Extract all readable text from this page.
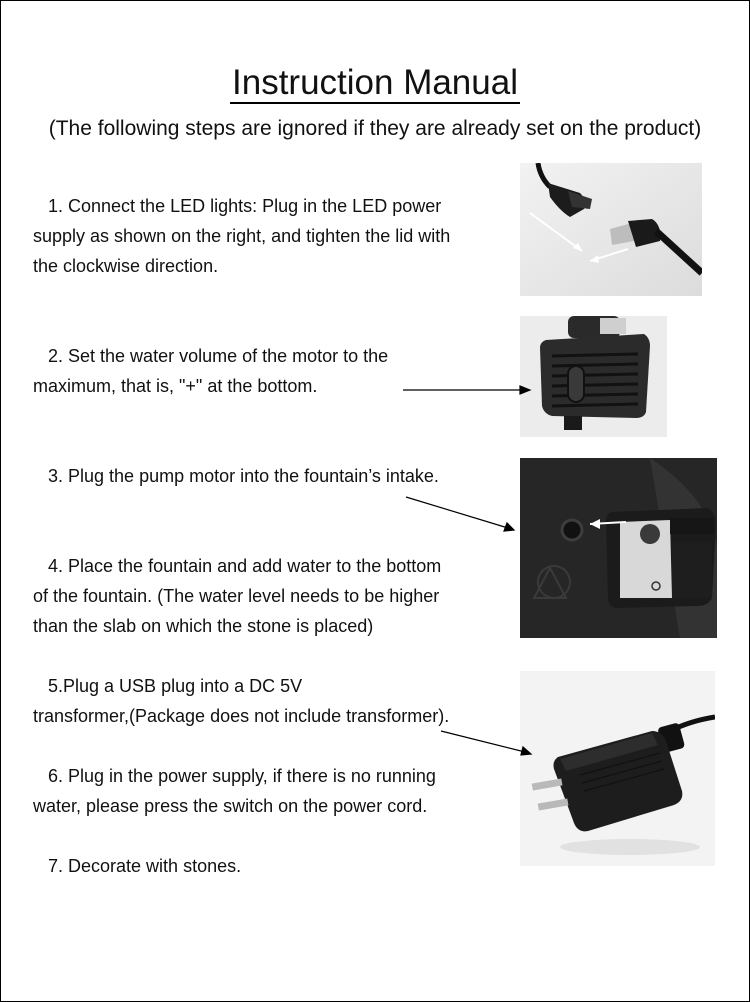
Instruction Manual
(The following steps are ignored if they are already set on the product)
1. Connect the LED lights: Plug in the LED power
supply as shown on the right, and tighten the lid with
the clockwise direction.
2. Set the water volume of the motor to the
maximum, that is, "+" at the bottom.
3. Plug the pump motor into the fountain’s intake.
4. Place the fountain and add water to the bottom
of the fountain. (The water level needs to be higher
than the slab on which the stone is placed)
5.Plug a USB plug into a DC 5V
transformer,(Package does not include transformer).
6. Plug in the power supply, if there is no running
water, please press the switch on the power cord.
7. Decorate with stones.
